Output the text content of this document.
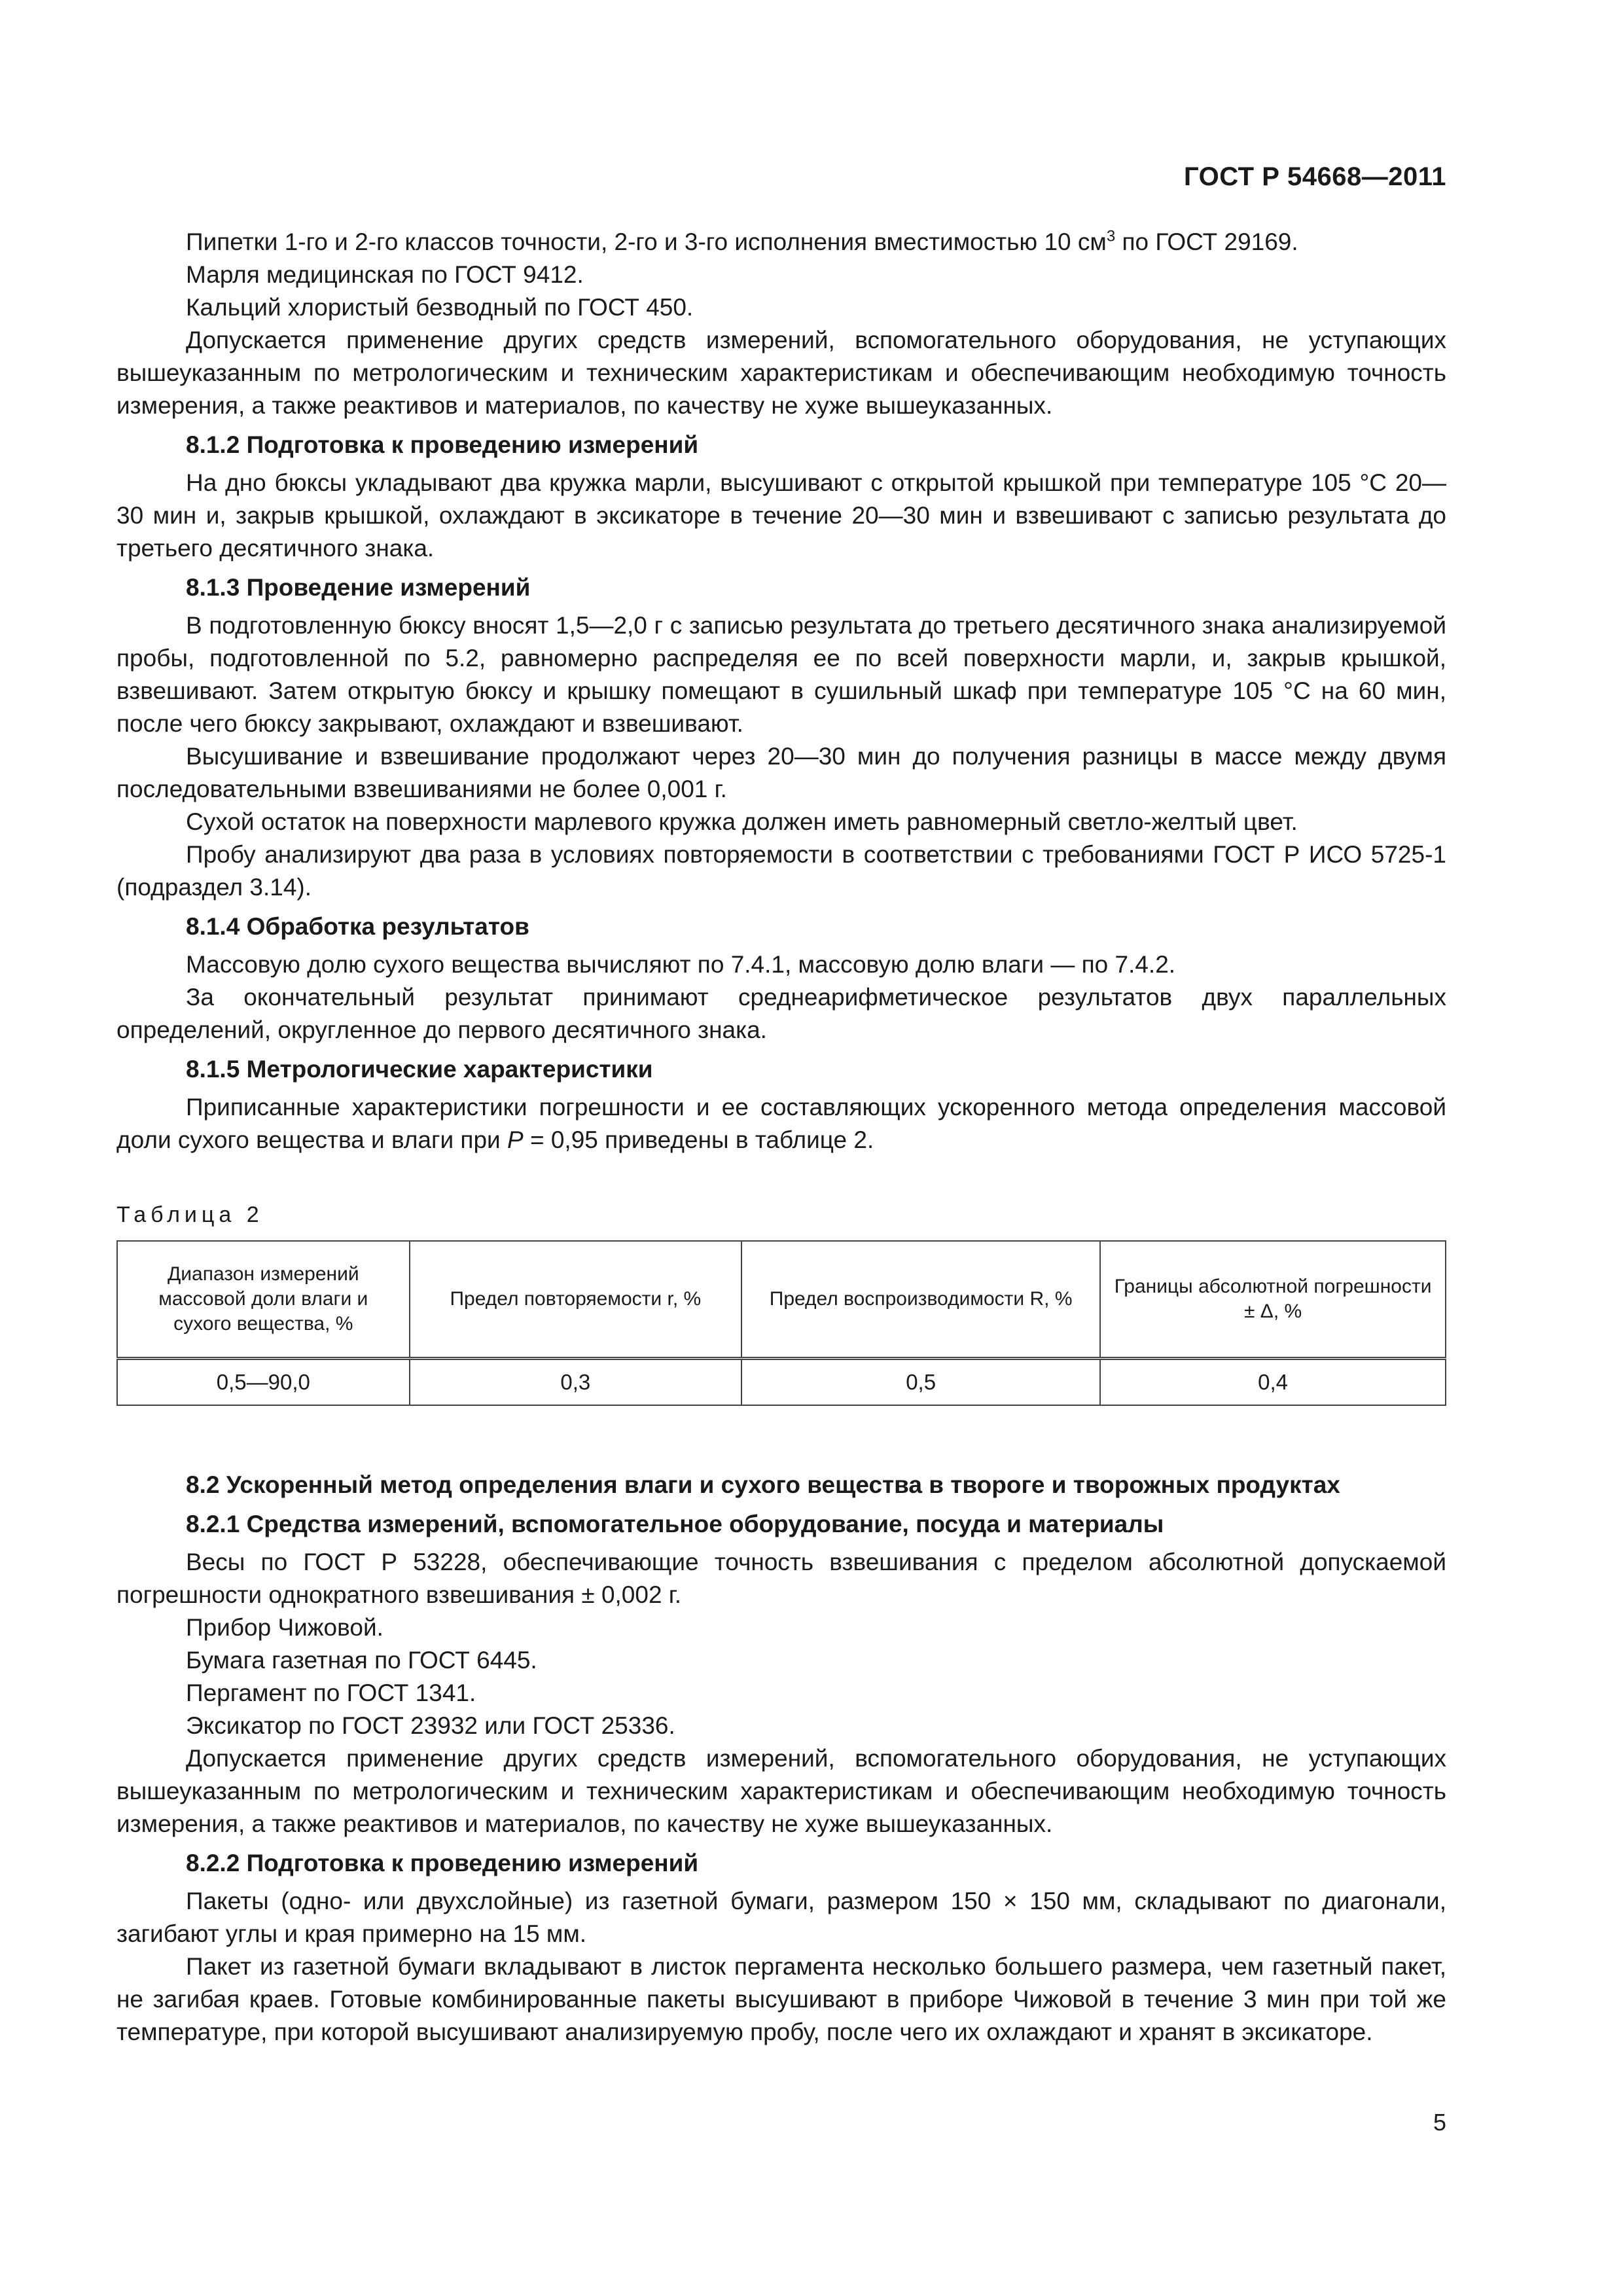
ГОСТ Р 54668—2011

Пипетки 1-го и 2-го классов точности, 2-го и 3-го исполнения вместимостью 10 $см^3$ по ГОСТ 29169.

Марля медицинская по ГОСТ 9412.

Кальций хлористый безводный по ГОСТ 450.

Допускается применение других средств измерений, вспомогательного оборудования, не уступающих вышеуказанным по метрологическим и техническим характеристикам и обеспечивающим необходимую точность измерения, а также реактивов и материалов, по качеству не хуже вышеуказанных.

8.1.2 Подготовка к проведению измерений

На дно бюксы укладывают два кружка марли, высушивают с открытой крышкой при температуре 105 °С 20—30 мин и, закрыв крышкой, охлаждают в эксикаторе в течение 20—30 мин и взвешивают с записью результата до третьего десятичного знака.

8.1.3 Проведение измерений

В подготовленную бюксу вносят 1,5—2,0 г с записью результата до третьего десятичного знака анализируемой пробы, подготовленной по 5.2, равномерно распределяя ее по всей поверхности марли, и, закрыв крышкой, взвешивают. Затем открытую бюксу и крышку помещают в сушильный шкаф при температуре 105 °С на 60 мин, после чего бюксу закрывают, охлаждают и взвешивают.

Высушивание и взвешивание продолжают через 20—30 мин до получения разницы в массе между двумя последовательными взвешиваниями не более 0,001 г.

Сухой остаток на поверхности марлевого кружка должен иметь равномерный светло-желтый цвет.

Пробу анализируют два раза в условиях повторяемости в соответствии с требованиями ГОСТ Р ИСО 5725-1 (подраздел 3.14).

8.1.4 Обработка результатов

Массовую долю сухого вещества вычисляют по 7.4.1, массовую долю влаги — по 7.4.2.

За окончательный результат принимают среднеарифметическое результатов двух параллельных определений, округленное до первого десятичного знака.

8.1.5 Метрологические характеристики

Приписанные характеристики погрешности и ее составляющих ускоренного метода определения массовой доли сухого вещества и влаги при Р = 0,95 приведены в таблице 2.

Таблица 2
Диапазон измерений массовой доли влаги и сухого вещества, %	Предел повторяемости r, %	Предел воспроизводимости R, %	Границы абсолютной погрешности ± Δ, %
0,5—90,0	0,3	0,5	0,4
8.2 Ускоренный метод определения влаги и сухого вещества в твороге и творожных продуктах
8.2.1 Средства измерений, вспомогательное оборудование, посуда и материалы

Весы по ГОСТ Р 53228, обеспечивающие точность взвешивания с пределом абсолютной допускаемой погрешности однократного взвешивания ± 0,002 г.

Прибор Чижовой.

Бумага газетная по ГОСТ 6445.

Пергамент по ГОСТ 1341.

Эксикатор по ГОСТ 23932 или ГОСТ 25336.

Допускается применение других средств измерений, вспомогательного оборудования, не уступающих вышеуказанным по метрологическим и техническим характеристикам и обеспечивающим необходимую точность измерения, а также реактивов и материалов, по качеству не хуже вышеуказанных.

8.2.2 Подготовка к проведению измерений

Пакеты (одно- или двухслойные) из газетной бумаги, размером 150 × 150 мм, складывают по диагонали, загибают углы и края примерно на 15 мм.

Пакет из газетной бумаги вкладывают в листок пергамента несколько большего размера, чем газетный пакет, не загибая краев. Готовые комбинированные пакеты высушивают в приборе Чижовой в течение 3 мин при той же температуре, при которой высушивают анализируемую пробу, после чего их охлаждают и хранят в эксикаторе.

5
